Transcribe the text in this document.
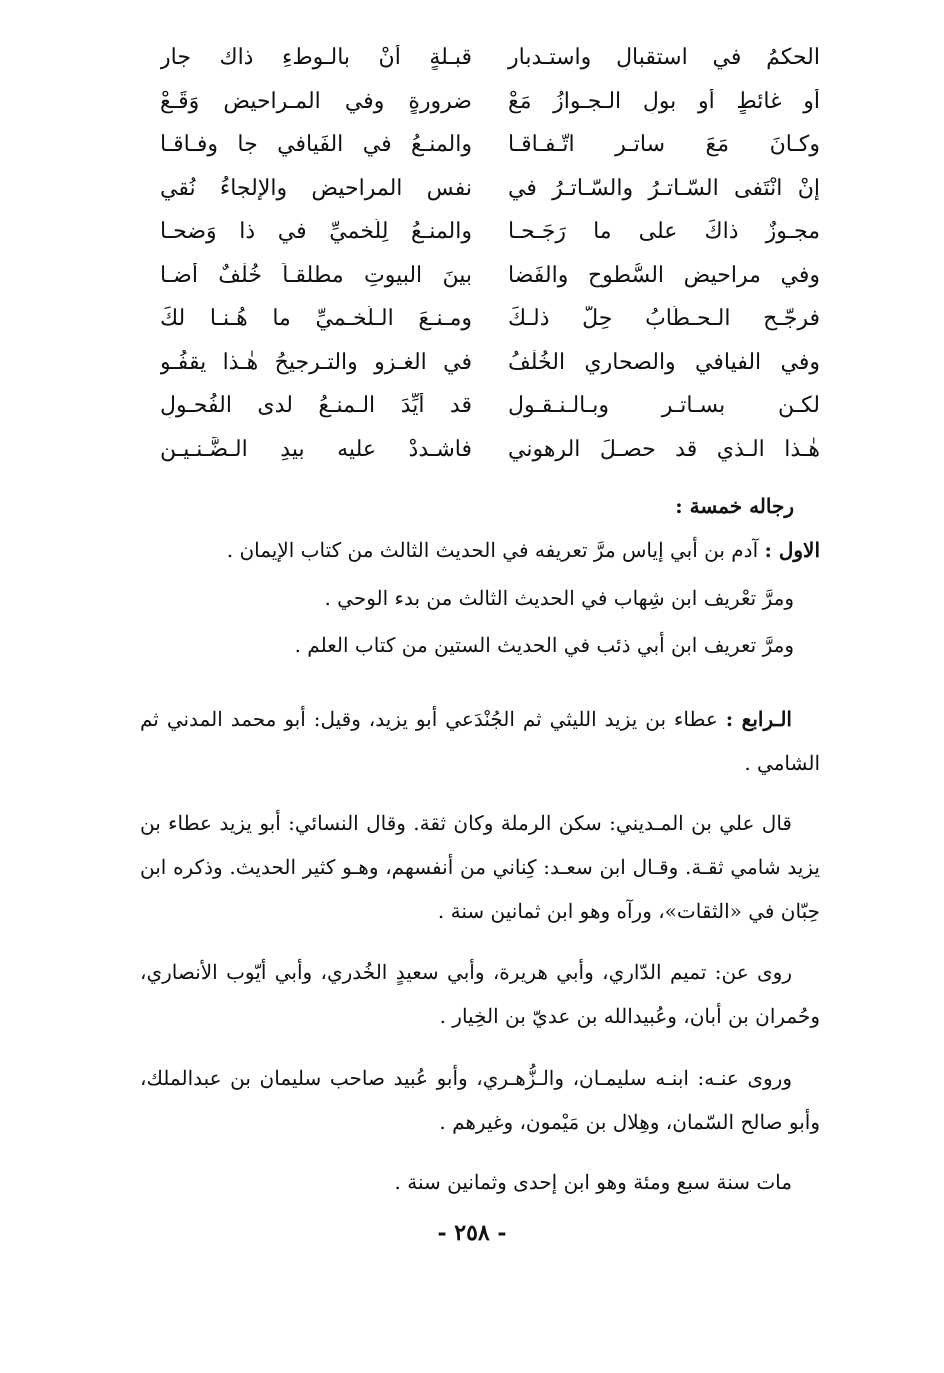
الحكمُ في استقبالِ واستـدبارِ
قبـلةٍ أنْ بالـوطءِ ذاك جارِ
أو غائطٍ أو بولِ الـجـوازُ مَعْ
ضرورةٍ وفي المـراحيضِ وَقَـعْ
وكـانَ مَعَ ساتـرٍ اتّـفـاقـا
والمنـعُ في الفَيافي جا وِفـاقـا
إنْ انْتَفى السّـاتـرُ والسّـاتـرُ في
نفسِ المراحيضِ والإلجاءُ نُقي
مجـوزٌ ذاكَ على ما رَجَـحـا
والمنـعُ لِلَّخميِّ في ذا وَضحـا
وفي مراحيضِ السُّطوحِ والفَضا
بينَ البيوتِ مطلقـاً خُلْفٌ أضـا
فرجّـح الـحـطّابُ حِلَّ ذلـكَ
ومـنـعَ الـلَّخـميِّ ما هُـنـا لكَ
وفي الفيافي والصحاري الخُلْفُ
في الغـزوِ والتـرجيحُ هٰـذا يقفُـو
لكـن بسـاتـرٍ وبـالـنـقـولِ
قد أُيِّدَ الـمنـعُ لدى الفُحـولِ
هٰـذا الـذي قد حصـلَ الرهوني
فاشـددْ عليه بيدِ الـضَّـنـيـنِ
رجاله خمسة :
الاول : آدم بن أبي إياس مرَّ تعريفه في الحديث الثالث من كتاب الإيمان .
ومرَّ تعْريف ابن شِهاب في الحديث الثالث من بدء الوحي .
ومرَّ تعريف ابن أبي ذئب في الحديث الستين من كتاب العلم .
الـرابع : عطاء بن يزيد الليثي ثم الجُنْدَعي أبو يزيد، وقيل: أبو محمد المدني ثم الشامي .
قال علي بن المـديني: سكن الرملة وكان ثقة. وقال النسائي: أبو يزيد عطاء بن يزيد شامي ثقـة. وقـال ابن سعـد: كِناني من أنفسهم، وهـو كثير الحديث. وذكره ابن حِبّان في «الثقات»، ورآه وهو ابن ثمانين سنة .
روى عن: تميم الدّاري، وأبي هريرة، وأبي سعيدٍ الخُدري، وأبي أيّوب الأنصاري، وحُمران بن أبان، وعُبيدالله بن عديّ بن الخِيار .
وروى عنـه: ابنـه سليمـان، والـزُّهـري، وأبو عُبيد صاحب سليمان بن عبدالملك، وأبو صالح السّمان، وهِلال بن مَيْمون، وغيرهم .
مات سنة سبع ومئة وهو ابن إحدى وثمانين سنة .
- ٢٥٨ -
